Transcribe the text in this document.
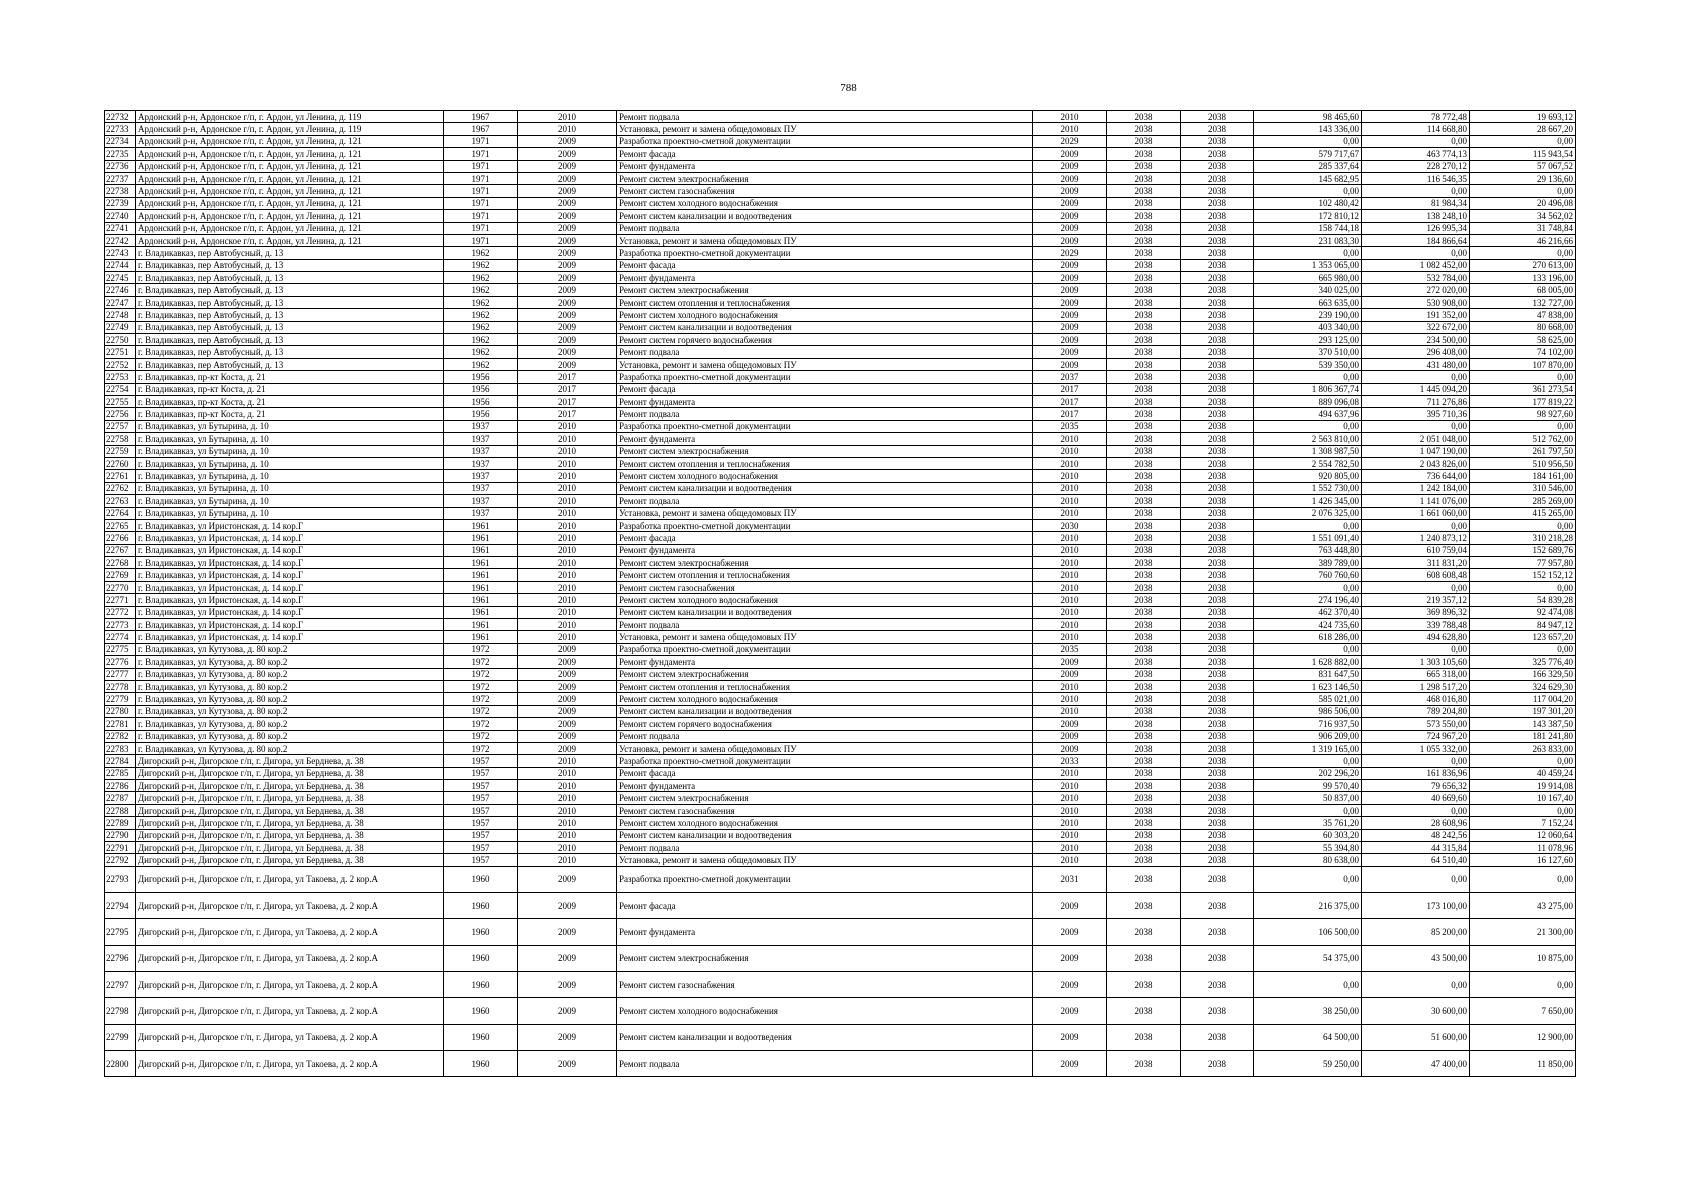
788
22732	Ардонский р-н, Ардонское г/п, г. Ардон, ул Ленина, д. 119	1967	2010	Ремонт подвала	2010	2038	2038	98 465,60	78 772,48	19 693,12
22733	Ардонский р-н, Ардонское г/п, г. Ардон, ул Ленина, д. 119	1967	2010	Установка, ремонт и замена общедомовых ПУ	2010	2038	2038	143 336,00	114 668,80	28 667,20
22734	Ардонский р-н, Ардонское г/п, г. Ардон, ул Ленина, д. 121	1971	2009	Разработка проектно-сметной документации	2029	2038	2038	0,00	0,00	0,00
22735	Ардонский р-н, Ардонское г/п, г. Ардон, ул Ленина, д. 121	1971	2009	Ремонт фасада	2009	2038	2038	579 717,67	463 774,13	115 943,54
22736	Ардонский р-н, Ардонское г/п, г. Ардон, ул Ленина, д. 121	1971	2009	Ремонт фундамента	2009	2038	2038	285 337,64	228 270,12	57 067,52
22737	Ардонский р-н, Ардонское г/п, г. Ардон, ул Ленина, д. 121	1971	2009	Ремонт систем электроснабжения	2009	2038	2038	145 682,95	116 546,35	29 136,60
22738	Ардонский р-н, Ардонское г/п, г. Ардон, ул Ленина, д. 121	1971	2009	Ремонт систем газоснабжения	2009	2038	2038	0,00	0,00	0,00
22739	Ардонский р-н, Ардонское г/п, г. Ардон, ул Ленина, д. 121	1971	2009	Ремонт систем холодного водоснабжения	2009	2038	2038	102 480,42	81 984,34	20 496,08
22740	Ардонский р-н, Ардонское г/п, г. Ардон, ул Ленина, д. 121	1971	2009	Ремонт систем канализации и водоотведения	2009	2038	2038	172 810,12	138 248,10	34 562,02
22741	Ардонский р-н, Ардонское г/п, г. Ардон, ул Ленина, д. 121	1971	2009	Ремонт подвала	2009	2038	2038	158 744,18	126 995,34	31 748,84
22742	Ардонский р-н, Ардонское г/п, г. Ардон, ул Ленина, д. 121	1971	2009	Установка, ремонт и замена общедомовых ПУ	2009	2038	2038	231 083,30	184 866,64	46 216,66
22743	г. Владикавказ, пер Автобусный, д. 13	1962	2009	Разработка проектно-сметной документации	2029	2038	2038	0,00	0,00	0,00
22744	г. Владикавказ, пер Автобусный, д. 13	1962	2009	Ремонт фасада	2009	2038	2038	1 353 065,00	1 082 452,00	270 613,00
22745	г. Владикавказ, пер Автобусный, д. 13	1962	2009	Ремонт фундамента	2009	2038	2038	665 980,00	532 784,00	133 196,00
22746	г. Владикавказ, пер Автобусный, д. 13	1962	2009	Ремонт систем электроснабжения	2009	2038	2038	340 025,00	272 020,00	68 005,00
22747	г. Владикавказ, пер Автобусный, д. 13	1962	2009	Ремонт систем отопления и теплоснабжения	2009	2038	2038	663 635,00	530 908,00	132 727,00
22748	г. Владикавказ, пер Автобусный, д. 13	1962	2009	Ремонт систем холодного водоснабжения	2009	2038	2038	239 190,00	191 352,00	47 838,00
22749	г. Владикавказ, пер Автобусный, д. 13	1962	2009	Ремонт систем канализации и водоотведения	2009	2038	2038	403 340,00	322 672,00	80 668,00
22750	г. Владикавказ, пер Автобусный, д. 13	1962	2009	Ремонт систем горячего водоснабжения	2009	2038	2038	293 125,00	234 500,00	58 625,00
22751	г. Владикавказ, пер Автобусный, д. 13	1962	2009	Ремонт подвала	2009	2038	2038	370 510,00	296 408,00	74 102,00
22752	г. Владикавказ, пер Автобусный, д. 13	1962	2009	Установка, ремонт и замена общедомовых ПУ	2009	2038	2038	539 350,00	431 480,00	107 870,00
22753	г. Владикавказ, пр-кт Коста, д. 21	1956	2017	Разработка проектно-сметной документации	2037	2038	2038	0,00	0,00	0,00
22754	г. Владикавказ, пр-кт Коста, д. 21	1956	2017	Ремонт фасада	2017	2038	2038	1 806 367,74	1 445 094,20	361 273,54
22755	г. Владикавказ, пр-кт Коста, д. 21	1956	2017	Ремонт фундамента	2017	2038	2038	889 096,08	711 276,86	177 819,22
22756	г. Владикавказ, пр-кт Коста, д. 21	1956	2017	Ремонт подвала	2017	2038	2038	494 637,96	395 710,36	98 927,60
22757	г. Владикавказ, ул Бутырина, д. 10	1937	2010	Разработка проектно-сметной документации	2035	2038	2038	0,00	0,00	0,00
22758	г. Владикавказ, ул Бутырина, д. 10	1937	2010	Ремонт фундамента	2010	2038	2038	2 563 810,00	2 051 048,00	512 762,00
22759	г. Владикавказ, ул Бутырина, д. 10	1937	2010	Ремонт систем электроснабжения	2010	2038	2038	1 308 987,50	1 047 190,00	261 797,50
22760	г. Владикавказ, ул Бутырина, д. 10	1937	2010	Ремонт систем отопления и теплоснабжения	2010	2038	2038	2 554 782,50	2 043 826,00	510 956,50
22761	г. Владикавказ, ул Бутырина, д. 10	1937	2010	Ремонт систем холодного водоснабжения	2010	2038	2038	920 805,00	736 644,00	184 161,00
22762	г. Владикавказ, ул Бутырина, д. 10	1937	2010	Ремонт систем канализации и водоотведения	2010	2038	2038	1 552 730,00	1 242 184,00	310 546,00
22763	г. Владикавказ, ул Бутырина, д. 10	1937	2010	Ремонт подвала	2010	2038	2038	1 426 345,00	1 141 076,00	285 269,00
22764	г. Владикавказ, ул Бутырина, д. 10	1937	2010	Установка, ремонт и замена общедомовых ПУ	2010	2038	2038	2 076 325,00	1 661 060,00	415 265,00
22765	г. Владикавказ, ул Иристонская, д. 14 кор.Г	1961	2010	Разработка проектно-сметной документации	2030	2038	2038	0,00	0,00	0,00
22766	г. Владикавказ, ул Иристонская, д. 14 кор.Г	1961	2010	Ремонт фасада	2010	2038	2038	1 551 091,40	1 240 873,12	310 218,28
22767	г. Владикавказ, ул Иристонская, д. 14 кор.Г	1961	2010	Ремонт фундамента	2010	2038	2038	763 448,80	610 759,04	152 689,76
22768	г. Владикавказ, ул Иристонская, д. 14 кор.Г	1961	2010	Ремонт систем электроснабжения	2010	2038	2038	389 789,00	311 831,20	77 957,80
22769	г. Владикавказ, ул Иристонская, д. 14 кор.Г	1961	2010	Ремонт систем отопления и теплоснабжения	2010	2038	2038	760 760,60	608 608,48	152 152,12
22770	г. Владикавказ, ул Иристонская, д. 14 кор.Г	1961	2010	Ремонт систем газоснабжения	2010	2038	2038	0,00	0,00	0,00
22771	г. Владикавказ, ул Иристонская, д. 14 кор.Г	1961	2010	Ремонт систем холодного водоснабжения	2010	2038	2038	274 196,40	219 357,12	54 839,28
22772	г. Владикавказ, ул Иристонская, д. 14 кор.Г	1961	2010	Ремонт систем канализации и водоотведения	2010	2038	2038	462 370,40	369 896,32	92 474,08
22773	г. Владикавказ, ул Иристонская, д. 14 кор.Г	1961	2010	Ремонт подвала	2010	2038	2038	424 735,60	339 788,48	84 947,12
22774	г. Владикавказ, ул Иристонская, д. 14 кор.Г	1961	2010	Установка, ремонт и замена общедомовых ПУ	2010	2038	2038	618 286,00	494 628,80	123 657,20
22775	г. Владикавказ, ул Кутузова, д. 80 кор.2	1972	2009	Разработка проектно-сметной документации	2035	2038	2038	0,00	0,00	0,00
22776	г. Владикавказ, ул Кутузова, д. 80 кор.2	1972	2009	Ремонт фундамента	2009	2038	2038	1 628 882,00	1 303 105,60	325 776,40
22777	г. Владикавказ, ул Кутузова, д. 80 кор.2	1972	2009	Ремонт систем электроснабжения	2009	2038	2038	831 647,50	665 318,00	166 329,50
22778	г. Владикавказ, ул Кутузова, д. 80 кор.2	1972	2009	Ремонт систем отопления и теплоснабжения	2010	2038	2038	1 623 146,50	1 298 517,20	324 629,30
22779	г. Владикавказ, ул Кутузова, д. 80 кор.2	1972	2009	Ремонт систем холодного водоснабжения	2010	2038	2038	585 021,00	468 016,80	117 004,20
22780	г. Владикавказ, ул Кутузова, д. 80 кор.2	1972	2009	Ремонт систем канализации и водоотведения	2010	2038	2038	986 506,00	789 204,80	197 301,20
22781	г. Владикавказ, ул Кутузова, д. 80 кор.2	1972	2009	Ремонт систем горячего водоснабжения	2009	2038	2038	716 937,50	573 550,00	143 387,50
22782	г. Владикавказ, ул Кутузова, д. 80 кор.2	1972	2009	Ремонт подвала	2009	2038	2038	906 209,00	724 967,20	181 241,80
22783	г. Владикавказ, ул Кутузова, д. 80 кор.2	1972	2009	Установка, ремонт и замена общедомовых ПУ	2009	2038	2038	1 319 165,00	1 055 332,00	263 833,00
22784	Дигорский р-н, Дигорское г/п, г. Дигора, ул Берднева, д. 38	1957	2010	Разработка проектно-сметной документации	2033	2038	2038	0,00	0,00	0,00
22785	Дигорский р-н, Дигорское г/п, г. Дигора, ул Берднева, д. 38	1957	2010	Ремонт фасада	2010	2038	2038	202 296,20	161 836,96	40 459,24
22786	Дигорский р-н, Дигорское г/п, г. Дигора, ул Берднева, д. 38	1957	2010	Ремонт фундамента	2010	2038	2038	99 570,40	79 656,32	19 914,08
22787	Дигорский р-н, Дигорское г/п, г. Дигора, ул Берднева, д. 38	1957	2010	Ремонт систем электроснабжения	2010	2038	2038	50 837,00	40 669,60	10 167,40
22788	Дигорский р-н, Дигорское г/п, г. Дигора, ул Берднева, д. 38	1957	2010	Ремонт систем газоснабжения	2010	2038	2038	0,00	0,00	0,00
22789	Дигорский р-н, Дигорское г/п, г. Дигора, ул Берднева, д. 38	1957	2010	Ремонт систем холодного водоснабжения	2010	2038	2038	35 761,20	28 608,96	7 152,24
22790	Дигорский р-н, Дигорское г/п, г. Дигора, ул Берднева, д. 38	1957	2010	Ремонт систем канализации и водоотведения	2010	2038	2038	60 303,20	48 242,56	12 060,64
22791	Дигорский р-н, Дигорское г/п, г. Дигора, ул Берднева, д. 38	1957	2010	Ремонт подвала	2010	2038	2038	55 394,80	44 315,84	11 078,96
22792	Дигорский р-н, Дигорское г/п, г. Дигора, ул Берднева, д. 38	1957	2010	Установка, ремонт и замена общедомовых ПУ	2010	2038	2038	80 638,00	64 510,40	16 127,60
22793	Дигорский р-н, Дигорское г/п, г. Дигора, ул Такоева, д. 2 кор.А	1960	2009	Разработка проектно-сметной документации	2031	2038	2038	0,00	0,00	0,00
22794	Дигорский р-н, Дигорское г/п, г. Дигора, ул Такоева, д. 2 кор.А	1960	2009	Ремонт фасада	2009	2038	2038	216 375,00	173 100,00	43 275,00
22795	Дигорский р-н, Дигорское г/п, г. Дигора, ул Такоева, д. 2 кор.А	1960	2009	Ремонт фундамента	2009	2038	2038	106 500,00	85 200,00	21 300,00
22796	Дигорский р-н, Дигорское г/п, г. Дигора, ул Такоева, д. 2 кор.А	1960	2009	Ремонт систем электроснабжения	2009	2038	2038	54 375,00	43 500,00	10 875,00
22797	Дигорский р-н, Дигорское г/п, г. Дигора, ул Такоева, д. 2 кор.А	1960	2009	Ремонт систем газоснабжения	2009	2038	2038	0,00	0,00	0,00
22798	Дигорский р-н, Дигорское г/п, г. Дигора, ул Такоева, д. 2 кор.А	1960	2009	Ремонт систем холодного водоснабжения	2009	2038	2038	38 250,00	30 600,00	7 650,00
22799	Дигорский р-н, Дигорское г/п, г. Дигора, ул Такоева, д. 2 кор.А	1960	2009	Ремонт систем канализации и водоотведения	2009	2038	2038	64 500,00	51 600,00	12 900,00
22800	Дигорский р-н, Дигорское г/п, г. Дигора, ул Такоева, д. 2 кор.А	1960	2009	Ремонт подвала	2009	2038	2038	59 250,00	47 400,00	11 850,00
